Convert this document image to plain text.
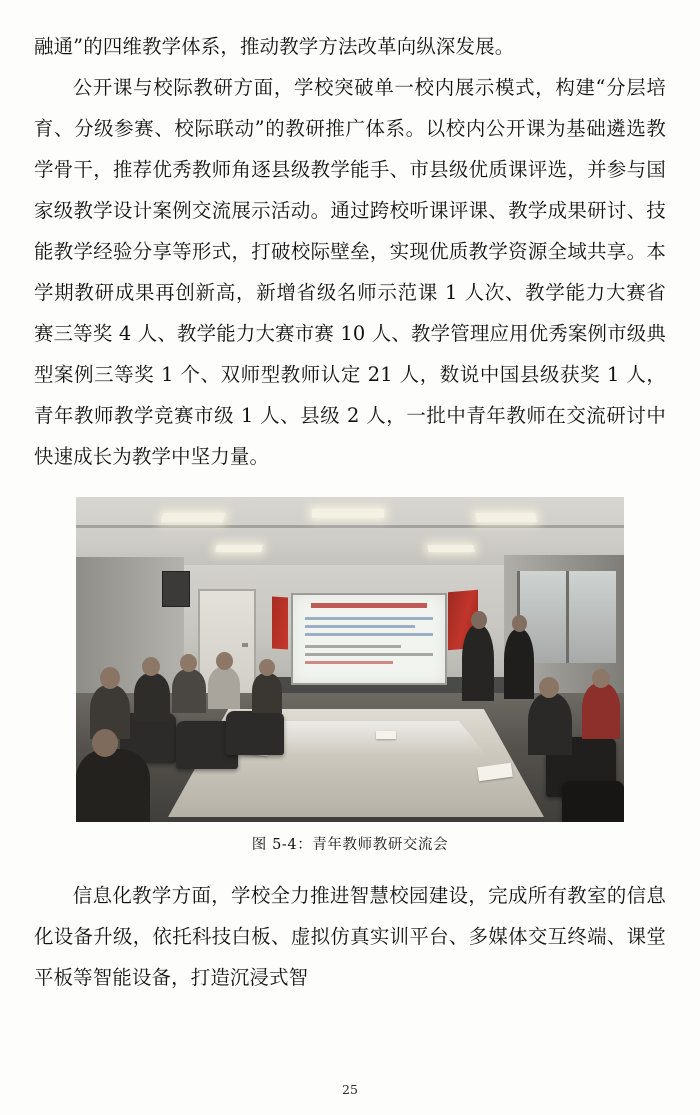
融通”的四维教学体系，推动教学方法改革向纵深发展。

公开课与校际教研方面，学校突破单一校内展示模式，构建“分层培育、分级参赛、校际联动”的教研推广体系。以校内公开课为基础遴选教学骨干，推荐优秀教师角逐县级教学能手、市县级优质课评选，并参与国家级教学设计案例交流展示活动。通过跨校听课评课、教学成果研讨、技能教学经验分享等形式，打破校际壁垒，实现优质教学资源全域共享。本学期教研成果再创新高，新增省级名师示范课 1 人次、教学能力大赛省赛三等奖 4 人、教学能力大赛市赛 10 人、教学管理应用优秀案例市级典型案例三等奖 1 个、双师型教师认定 21 人，数说中国县级获奖 1 人，青年教师教学竞赛市级 1 人、县级 2 人，一批中青年教师在交流研讨中快速成长为教学中坚力量。

图 5-4：青年教师教研交流会

信息化教学方面，学校全力推进智慧校园建设，完成所有教室的信息化设备升级，依托科技白板、虚拟仿真实训平台、多媒体交互终端、课堂平板等智能设备，打造沉浸式智

25
